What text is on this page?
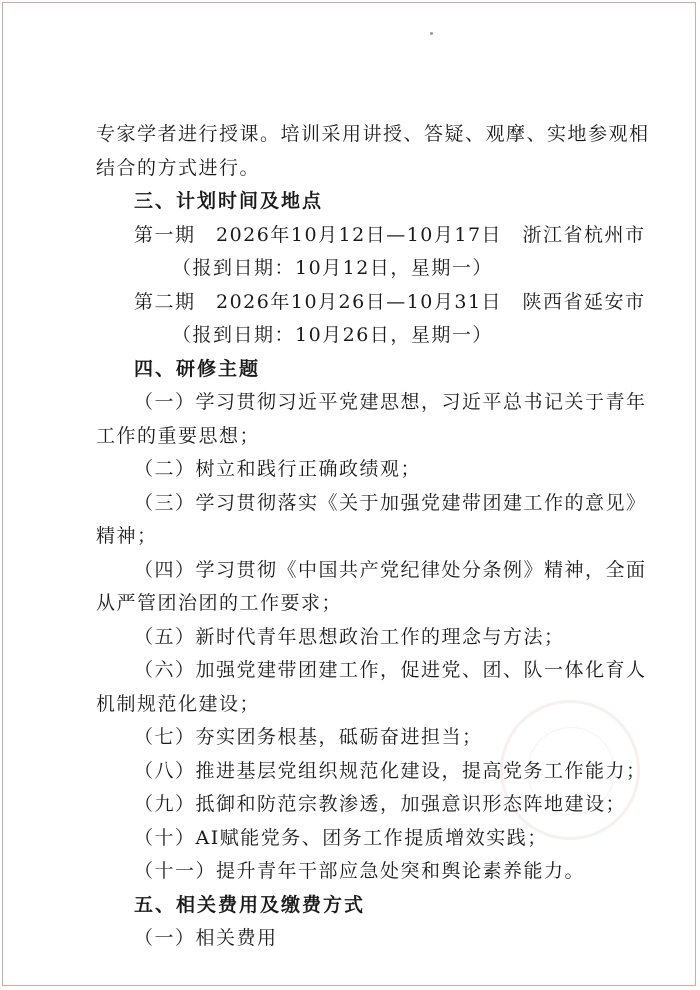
专家学者进行授课。培训采用讲授、答疑、观摩、实地参观相
结合的方式进行。
三、计划时间及地点
第一期　2026年10月12日—10月17日　浙江省杭州市
（报到日期：10月12日，星期一）
第二期　2026年10月26日—10月31日　陕西省延安市
（报到日期：10月26日，星期一）
四、研修主题
（一）学习贯彻习近平党建思想，习近平总书记关于青年
工作的重要思想；
（二）树立和践行正确政绩观；
（三）学习贯彻落实《关于加强党建带团建工作的意见》
精神；
（四）学习贯彻《中国共产党纪律处分条例》精神，全面
从严管团治团的工作要求；
（五）新时代青年思想政治工作的理念与方法；
（六）加强党建带团建工作，促进党、团、队一体化育人
机制规范化建设；
（七）夯实团务根基，砥砺奋进担当；
（八）推进基层党组织规范化建设，提高党务工作能力；
（九）抵御和防范宗教渗透，加强意识形态阵地建设；
（十）AI赋能党务、团务工作提质增效实践；
（十一）提升青年干部应急处突和舆论素养能力。
五、相关费用及缴费方式
（一）相关费用
